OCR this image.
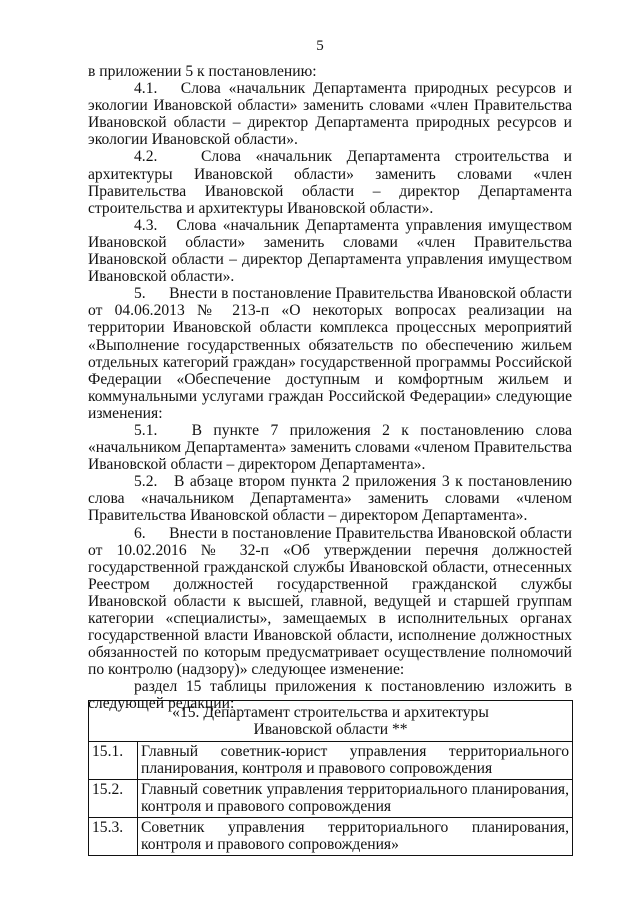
5

в приложении 5 к постановлению:

4.1.   Слова «начальник Департамента природных ресурсов и экологии Ивановской области» заменить словами «член Правительства Ивановской области – директор Департамента природных ресурсов и экологии Ивановской области».

4.2.   Слова «начальник Департамента строительства и архитектуры Ивановской области» заменить словами «член Правительства Ивановской области – директор Департамента строительства и архитектуры Ивановской области».

4.3.   Слова «начальник Департамента управления имуществом Ивановской области» заменить словами «член Правительства Ивановской области – директор Департамента управления имуществом Ивановской области».

5.      Внести в постановление Правительства Ивановской области от 04.06.2013 № 213-п «О некоторых вопросах реализации на территории Ивановской области комплекса процессных мероприятий «Выполнение государственных обязательств по обеспечению жильем отдельных категорий граждан» государственной программы Российской Федерации «Обеспечение доступным и комфортным жильем и коммунальными услугами граждан Российской Федерации» следующие изменения:

5.1.   В пункте 7 приложения 2 к постановлению слова «начальником Департамента» заменить словами «членом Правительства Ивановской области – директором Департамента».

5.2.   В абзаце втором пункта 2 приложения 3 к постановлению слова «начальником Департамента» заменить словами «членом Правительства Ивановской области – директором Департамента».

6.      Внести в постановление Правительства Ивановской области от 10.02.2016 № 32-п «Об утверждении перечня должностей государственной гражданской службы Ивановской области, отнесенных Реестром должностей государственной гражданской службы Ивановской области к высшей, главной, ведущей и старшей группам категории «специалисты», замещаемых в исполнительных органах государственной власти Ивановской области, исполнение должностных обязанностей по которым предусматривает осуществление полномочий по контролю (надзору)» следующее изменение:

раздел 15 таблицы приложения к постановлению изложить в следующей редакции:

«15. Департамент строительства и архитектуры
Ивановской области **	

15.1.	Главный советник-юрист управления территориального планирования, контроля и правового сопровождения
15.2.	Главный советник управления территориального планирования, контроля и правового сопровождения
15.3.	Советник управления территориального планирования, контроля и правового сопровождения»
